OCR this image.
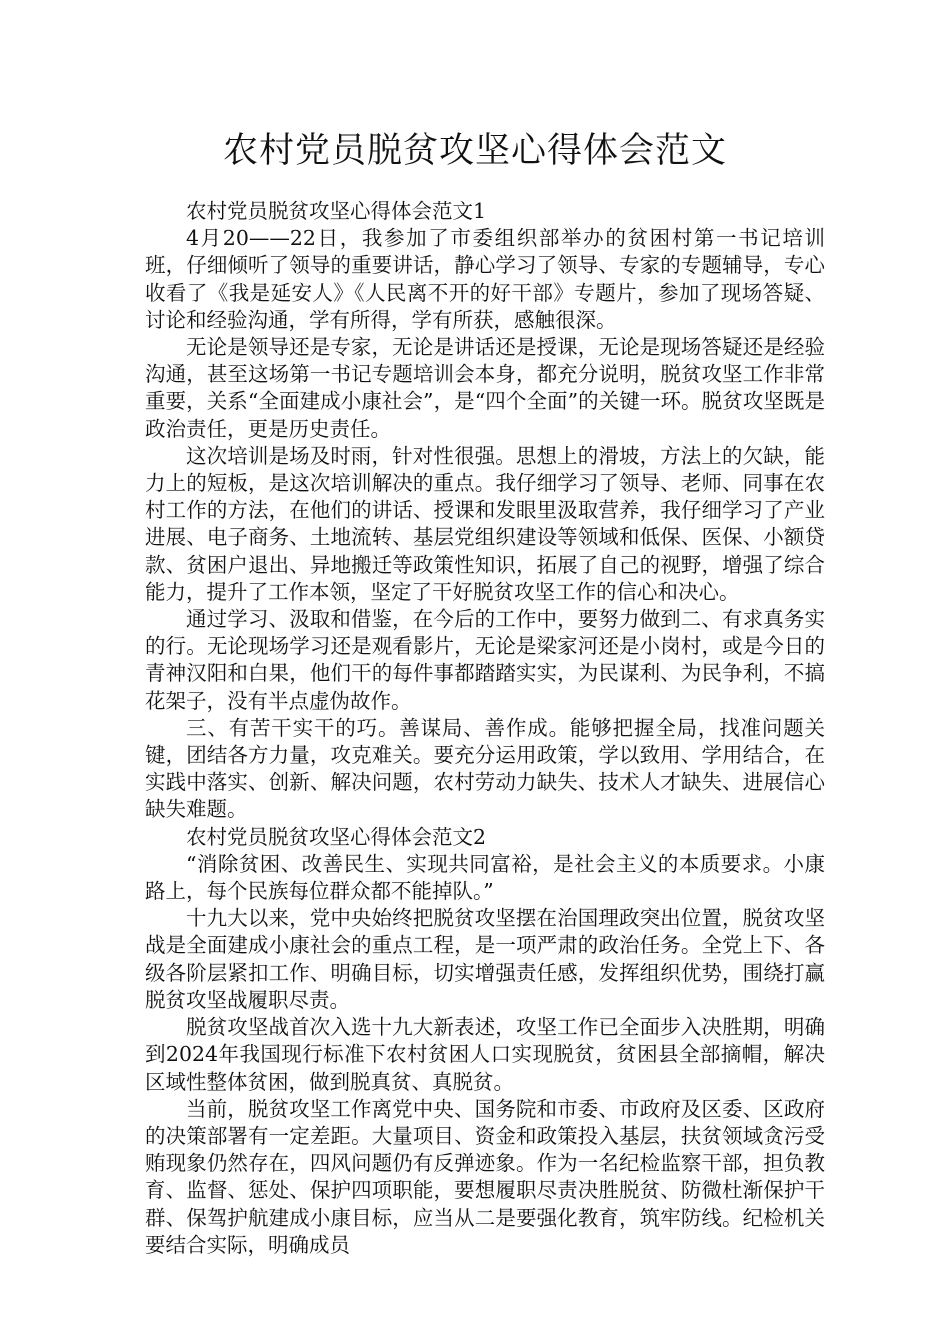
农村党员脱贫攻坚心得体会范文

农村党员脱贫攻坚心得体会范文1

4月20——22日，我参加了市委组织部举办的贫困村第一书记培训班，仔细倾听了领导的重要讲话，静心学习了领导、专家的专题辅导，专心收看了《我是延安人》《人民离不开的好干部》专题片，参加了现场答疑、讨论和经验沟通，学有所得，学有所获，感触很深。

无论是领导还是专家，无论是讲话还是授课，无论是现场答疑还是经验沟通，甚至这场第一书记专题培训会本身，都充分说明，脱贫攻坚工作非常重要，关系“全面建成小康社会”，是“四个全面”的关键一环。脱贫攻坚既是政治责任，更是历史责任。

这次培训是场及时雨，针对性很强。思想上的滑坡，方法上的欠缺，能力上的短板，是这次培训解决的重点。我仔细学习了领导、老师、同事在农村工作的方法，在他们的讲话、授课和发眼里汲取营养，我仔细学习了产业进展、电子商务、土地流转、基层党组织建设等领域和低保、医保、小额贷款、贫困户退出、异地搬迁等政策性知识，拓展了自己的视野，增强了综合能力，提升了工作本领，坚定了干好脱贫攻坚工作的信心和决心。

通过学习、汲取和借鉴，在今后的工作中，要努力做到二、有求真务实的行。无论现场学习还是观看影片，无论是梁家河还是小岗村，或是今日的青神汉阳和白果，他们干的每件事都踏踏实实，为民谋利、为民争利，不搞花架子，没有半点虚伪故作。

三、有苦干实干的巧。善谋局、善作成。能够把握全局，找准问题关键，团结各方力量，攻克难关。要充分运用政策，学以致用、学用结合，在实践中落实、创新、解决问题，农村劳动力缺失、技术人才缺失、进展信心缺失难题。

农村党员脱贫攻坚心得体会范文2

“消除贫困、改善民生、实现共同富裕，是社会主义的本质要求。小康路上，每个民族每位群众都不能掉队。”

十九大以来，党中央始终把脱贫攻坚摆在治国理政突出位置，脱贫攻坚战是全面建成小康社会的重点工程，是一项严肃的政治任务。全党上下、各级各阶层紧扣工作、明确目标，切实增强责任感，发挥组织优势，围绕打赢脱贫攻坚战履职尽责。

脱贫攻坚战首次入选十九大新表述，攻坚工作已全面步入决胜期，明确到2024年我国现行标准下农村贫困人口实现脱贫，贫困县全部摘帽，解决区域性整体贫困，做到脱真贫、真脱贫。

当前，脱贫攻坚工作离党中央、国务院和市委、市政府及区委、区政府的决策部署有一定差距。大量项目、资金和政策投入基层，扶贫领域贪污受贿现象仍然存在，四风问题仍有反弹迹象。作为一名纪检监察干部，担负教育、监督、惩处、保护四项职能，要想履职尽责决胜脱贫、防微杜渐保护干群、保驾护航建成小康目标，应当从二是要强化教育，筑牢防线。纪检机关要结合实际，明确成员
